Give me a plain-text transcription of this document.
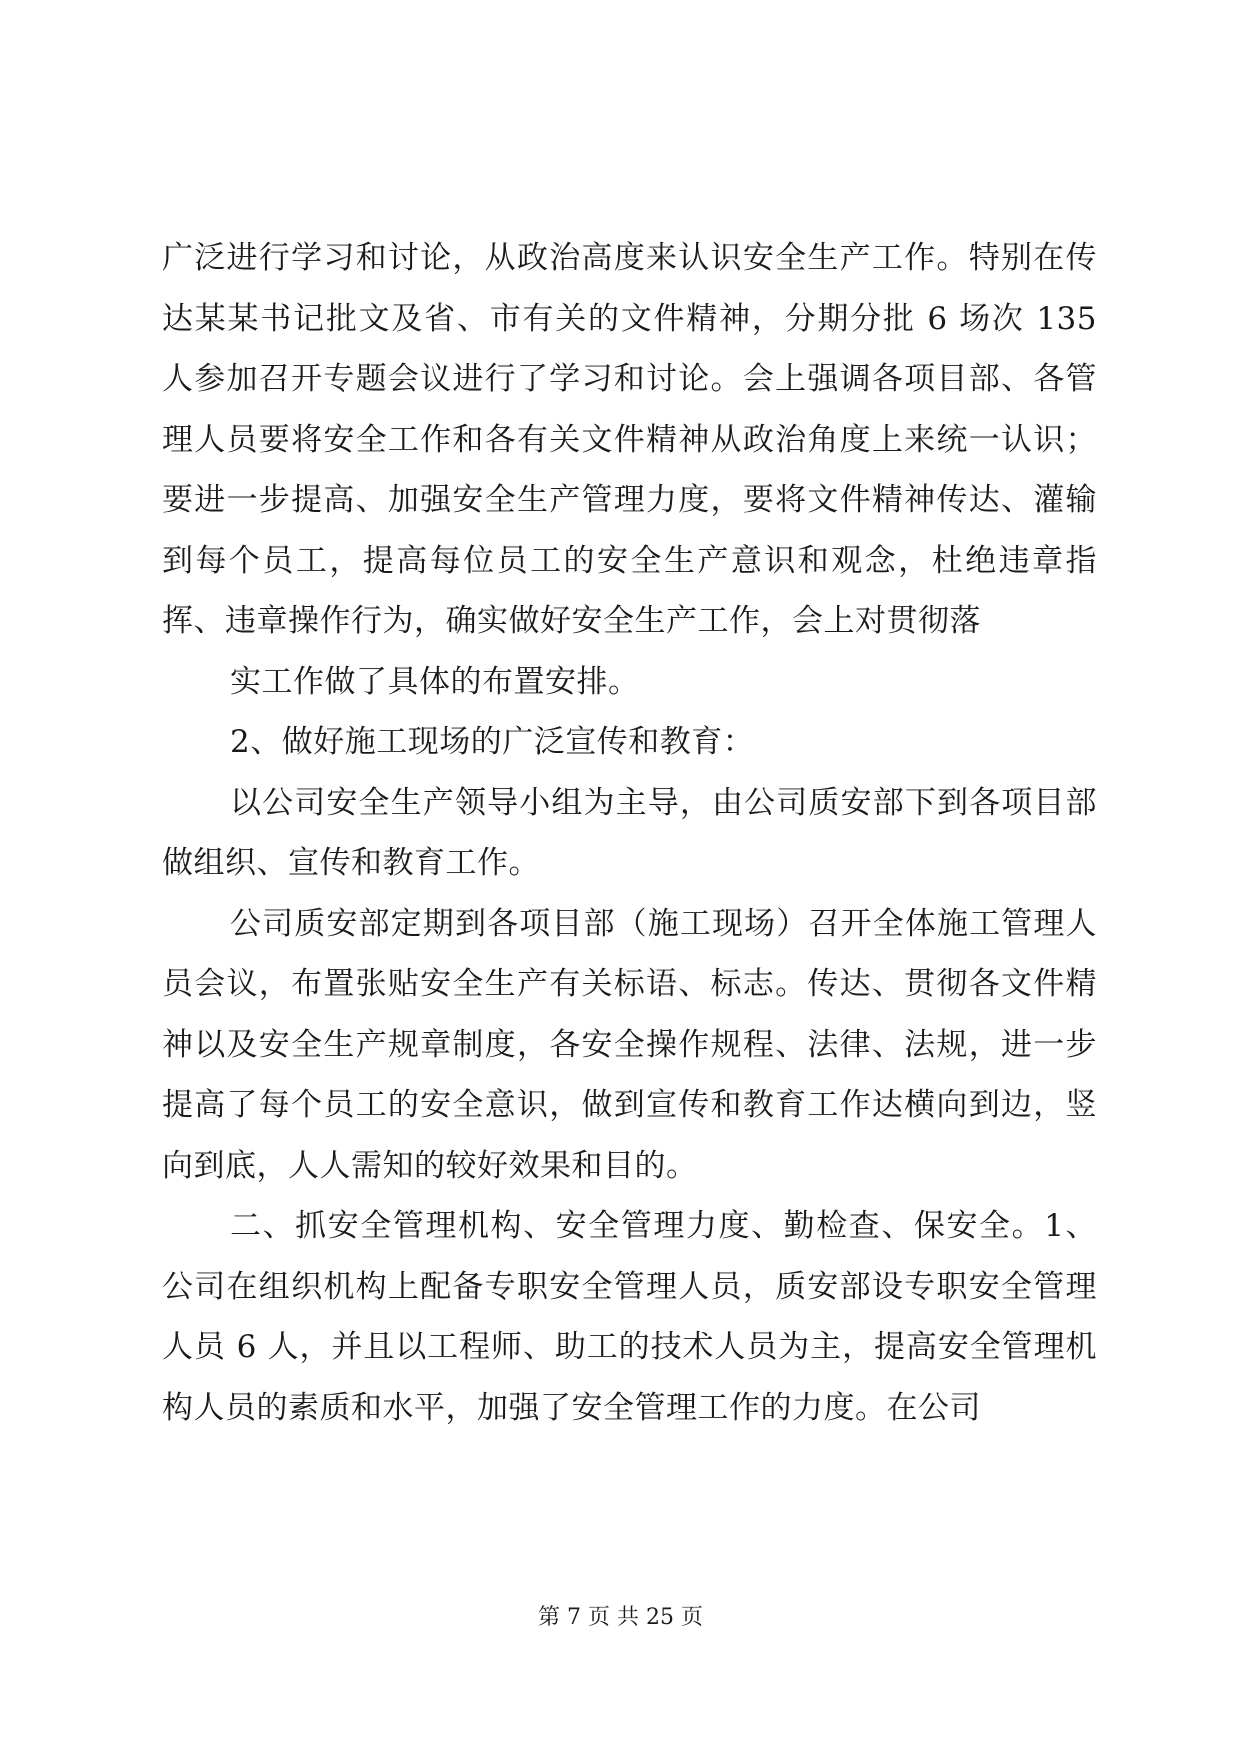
广泛进行学习和讨论，从政治高度来认识安全生产工作。特别在传达某某书记批文及省、市有关的文件精神，分期分批 6 场次 135 人参加召开专题会议进行了学习和讨论。会上强调各项目部、各管理人员要将安全工作和各有关文件精神从政治角度上来统一认识；要进一步提高、加强安全生产管理力度，要将文件精神传达、灌输到每个员工，提高每位员工的安全生产意识和观念，杜绝违章指挥、违章操作行为，确实做好安全生产工作，会上对贯彻落

实工作做了具体的布置安排。

2、做好施工现场的广泛宣传和教育：

以公司安全生产领导小组为主导，由公司质安部下到各项目部做组织、宣传和教育工作。

公司质安部定期到各项目部（施工现场）召开全体施工管理人员会议，布置张贴安全生产有关标语、标志。传达、贯彻各文件精神以及安全生产规章制度，各安全操作规程、法律、法规，进一步提高了每个员工的安全意识，做到宣传和教育工作达横向到边，竖向到底，人人需知的较好效果和目的。

二、抓安全管理机构、安全管理力度、勤检查、保安全。1、公司在组织机构上配备专职安全管理人员，质安部设专职安全管理人员 6 人，并且以工程师、助工的技术人员为主，提高安全管理机构人员的素质和水平，加强了安全管理工作的力度。在公司

第 7 页 共 25 页
